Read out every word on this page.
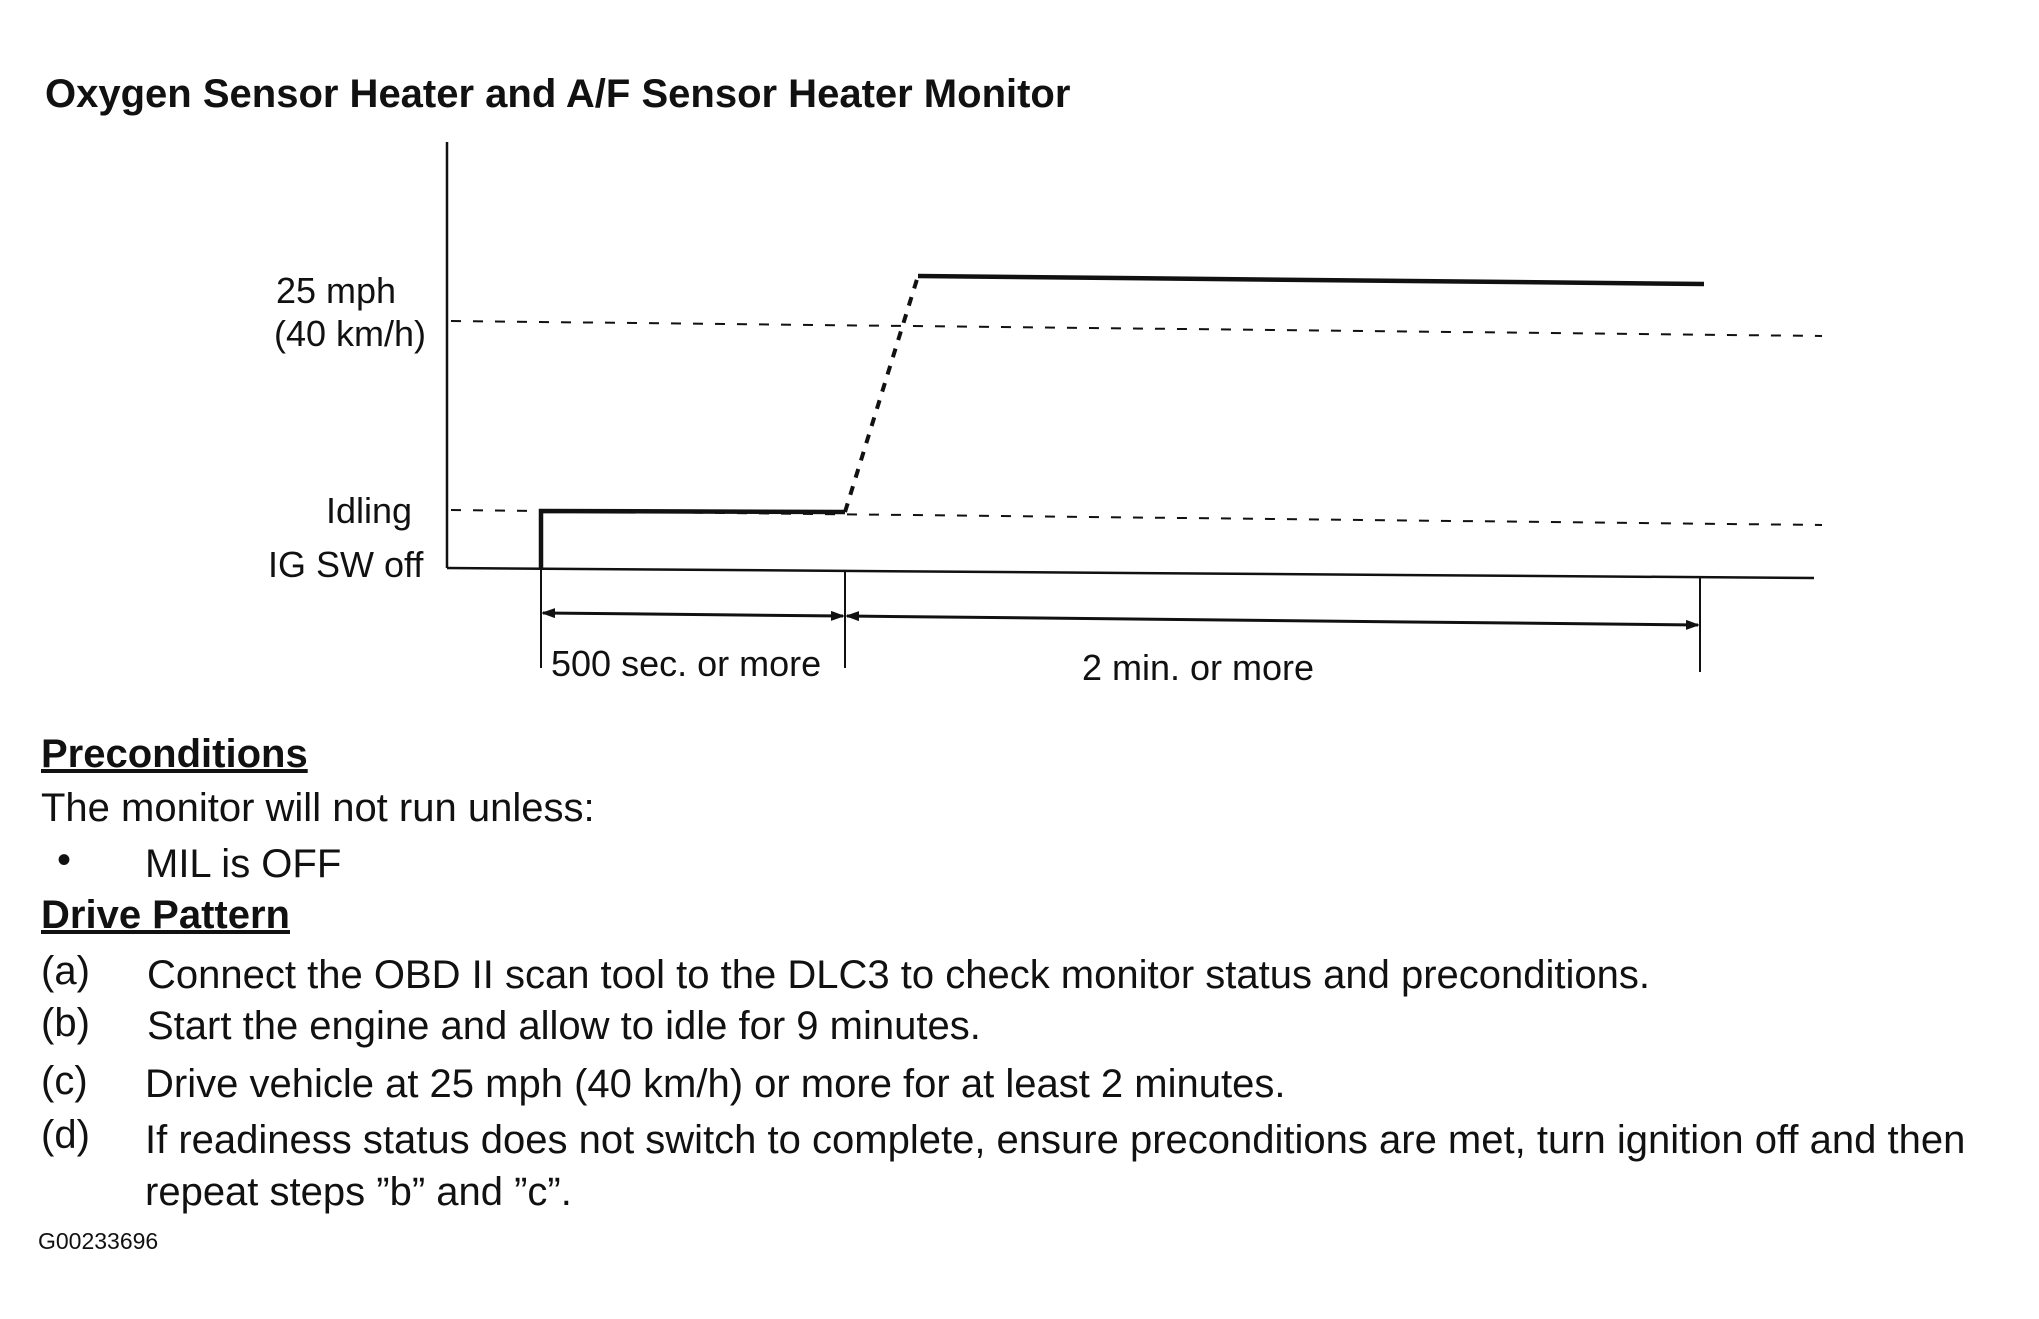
Oxygen Sensor Heater and A/F Sensor Heater Monitor
25 mph
(40 km/h)
Idling
IG SW off
500 sec. or more	2 min. or more
Preconditions
The monitor will not run unless:
• MIL is OFF
Drive Pattern
(a) Connect the OBD II scan tool to the DLC3 to check monitor status and preconditions.
(b) Start the engine and allow to idle for 9 minutes.
(c) Drive vehicle at 25 mph (40 km/h) or more for at least 2 minutes.
(d) If readiness status does not switch to complete, ensure preconditions are met, turn ignition off and then
repeat steps ”b” and ”c”.
G00233696
